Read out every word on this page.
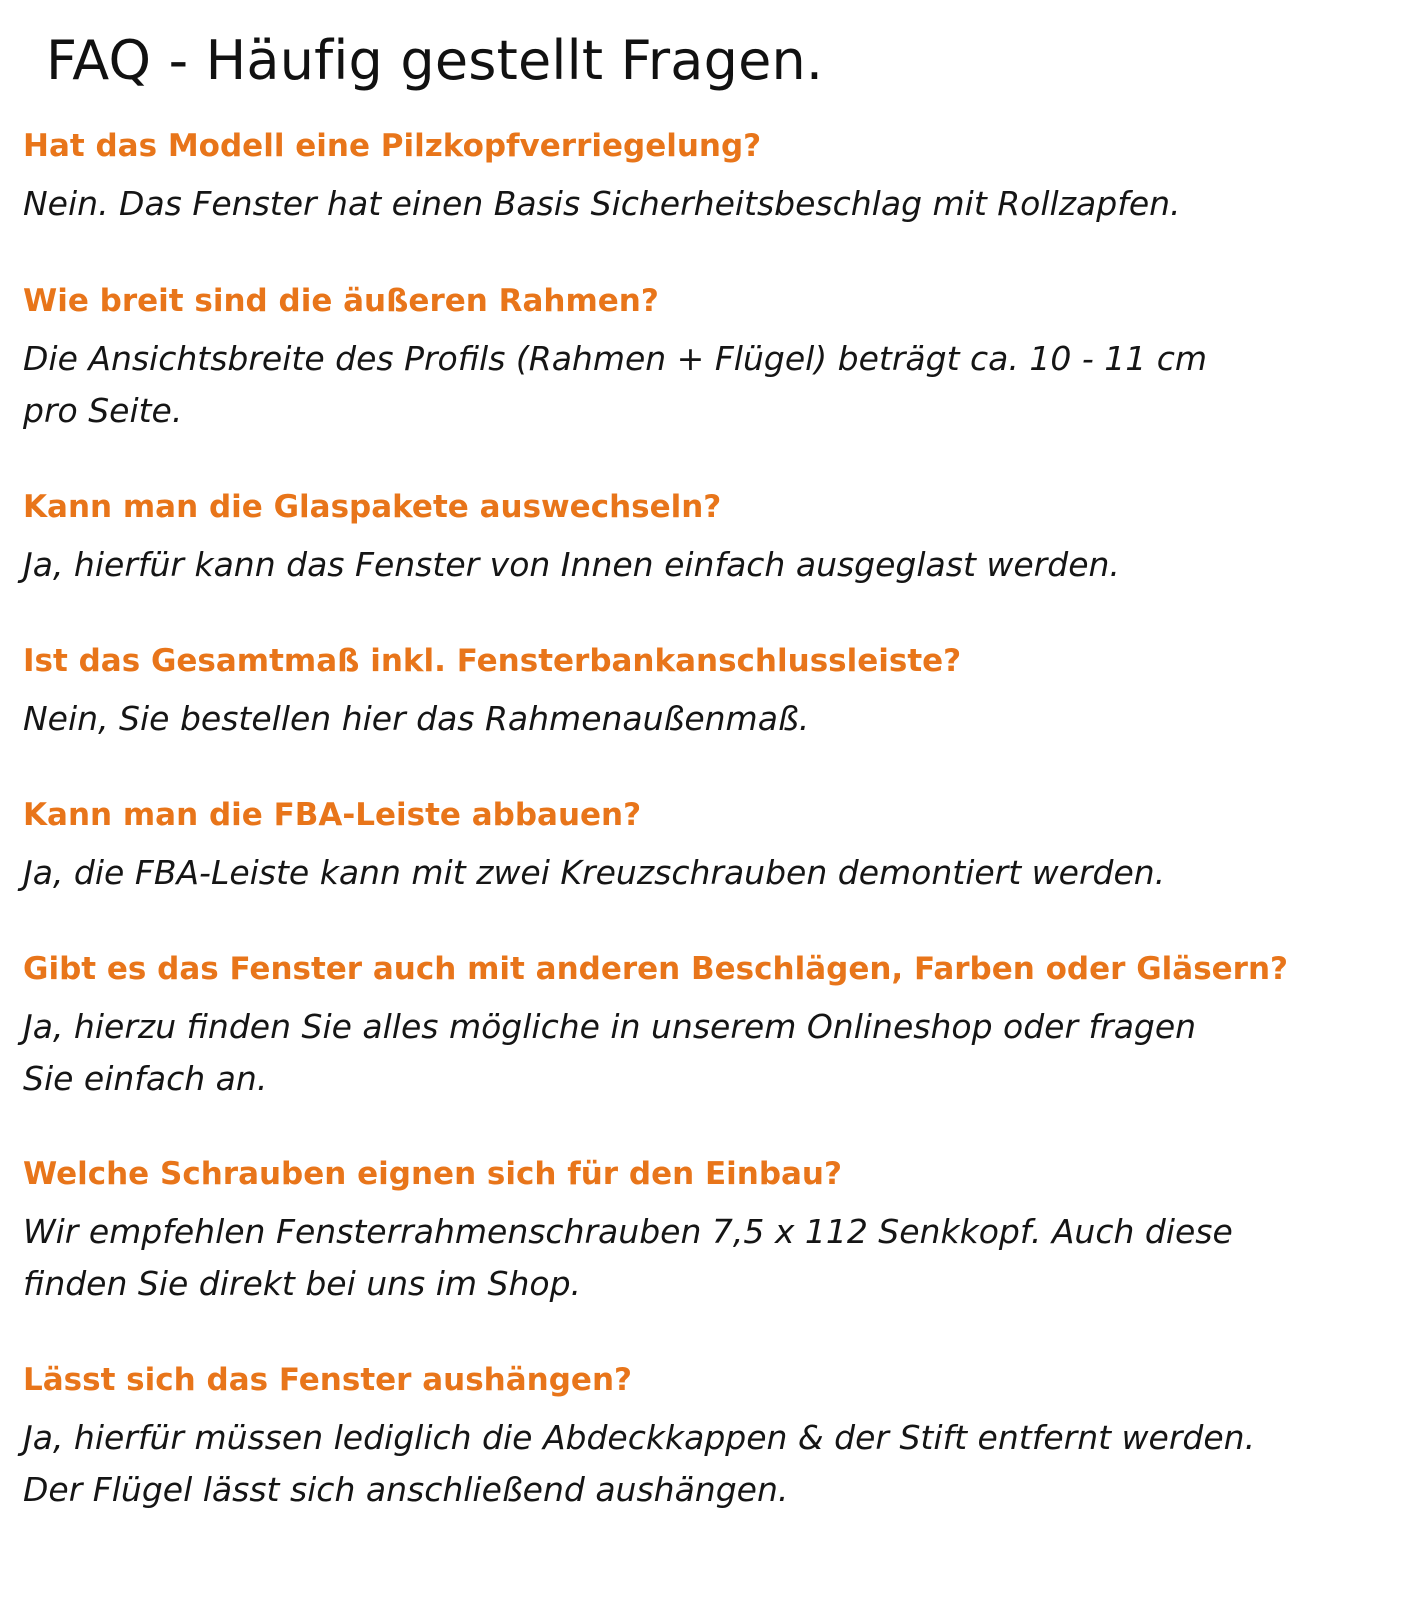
FAQ - Häufig gestellt Fragen.
Hat das Modell eine Pilzkopfverriegelung?
Nein. Das Fenster hat einen Basis Sicherheitsbeschlag mit Rollzapfen.
Wie breit sind die äußeren Rahmen?
Die Ansichtsbreite des Profils (Rahmen + Flügel) beträgt ca. 10 - 11 cm
pro Seite.
Kann man die Glaspakete auswechseln?
Ja, hierfür kann das Fenster von Innen einfach ausgeglast werden.
Ist das Gesamtmaß inkl. Fensterbankanschlussleiste?
Nein, Sie bestellen hier das Rahmenaußenmaß.
Kann man die FBA-Leiste abbauen?
Ja, die FBA-Leiste kann mit zwei Kreuzschrauben demontiert werden.
Gibt es das Fenster auch mit anderen Beschlägen, Farben oder Gläsern?
Ja, hierzu finden Sie alles mögliche in unserem Onlineshop oder fragen
Sie einfach an.
Welche Schrauben eignen sich für den Einbau?
Wir empfehlen Fensterrahmenschrauben 7,5 x 112 Senkkopf. Auch diese
finden Sie direkt bei uns im Shop.
Lässt sich das Fenster aushängen?
Ja, hierfür müssen lediglich die Abdeckkappen & der Stift entfernt werden.
Der Flügel lässt sich anschließend aushängen.
